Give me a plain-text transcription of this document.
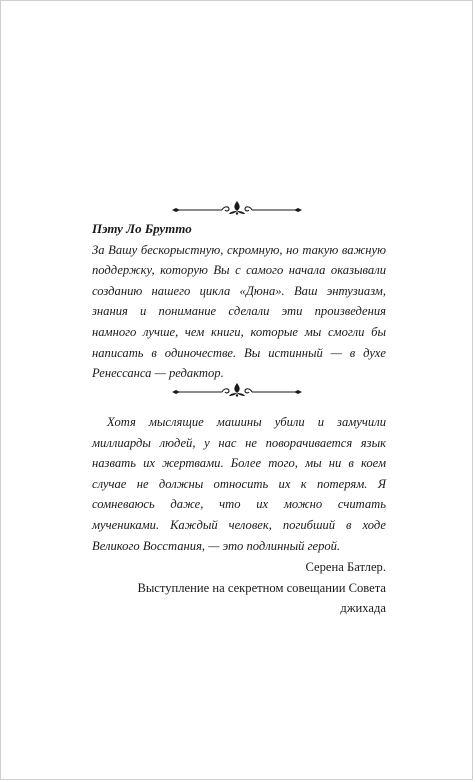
Пэту Ло Брутто

За Вашу бескорыстную, скромную, но такую важную поддержку, которую Вы с самого начала оказывали созданию нашего цикла «Дюна». Ваш энтузиазм, знания и понимание сделали эти произведения намного лучше, чем книги, которые мы смогли бы написать в одиночестве. Вы истинный — в духе Ренессанса — редактор.

Хотя мыслящие машины убили и замучили миллиарды людей, у нас не поворачивается язык назвать их жертвами. Более того, мы ни в коем случае не должны относить их к потерям. Я сомневаюсь даже, что их можно считать мучениками. Каждый человек, погибший в ходе Великого Восстания, — это подлинный герой.

Серена Батлер.

Выступление на секретном совещании Совета джихада
